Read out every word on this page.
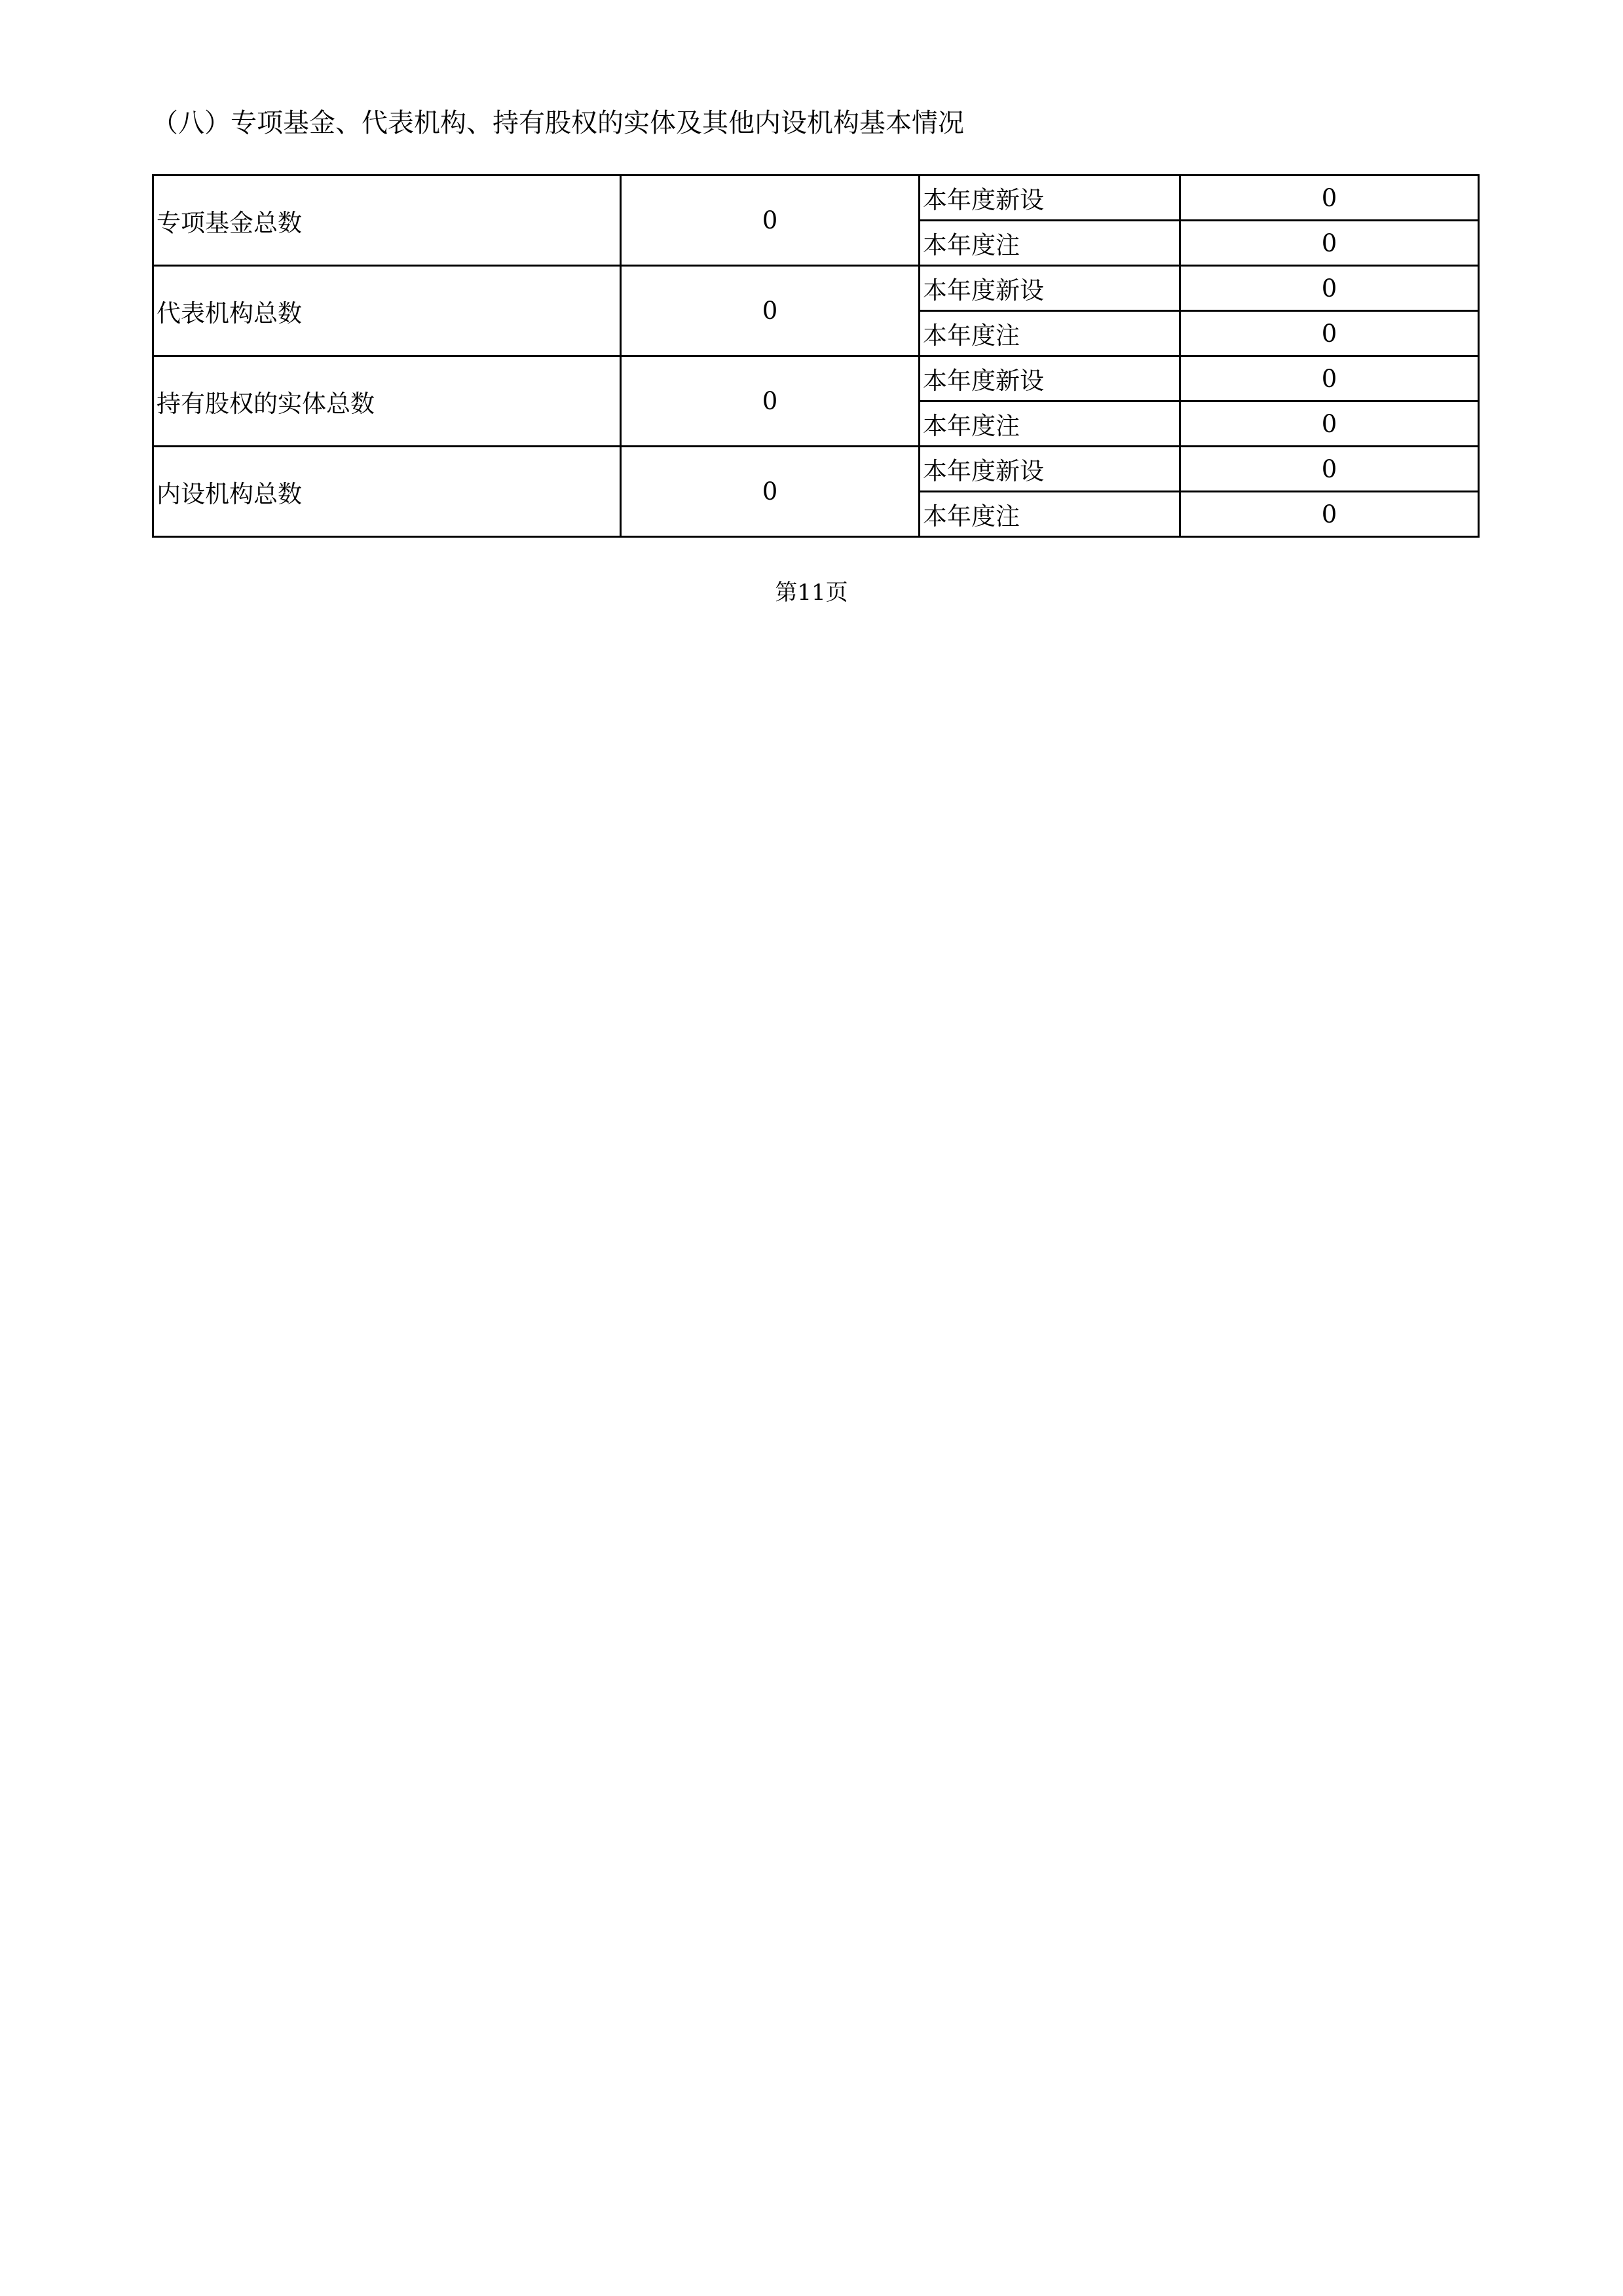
（八）专项基金、代表机构、持有股权的实体及其他内设机构基本情况
专项基金总数	0	本年度新设	0
		本年度注	0
代表机构总数	0	本年度新设	0
		本年度注	0
持有股权的实体总数	0	本年度新设	0
		本年度注	0
内设机构总数	0	本年度新设	0
		本年度注	0
第11页
